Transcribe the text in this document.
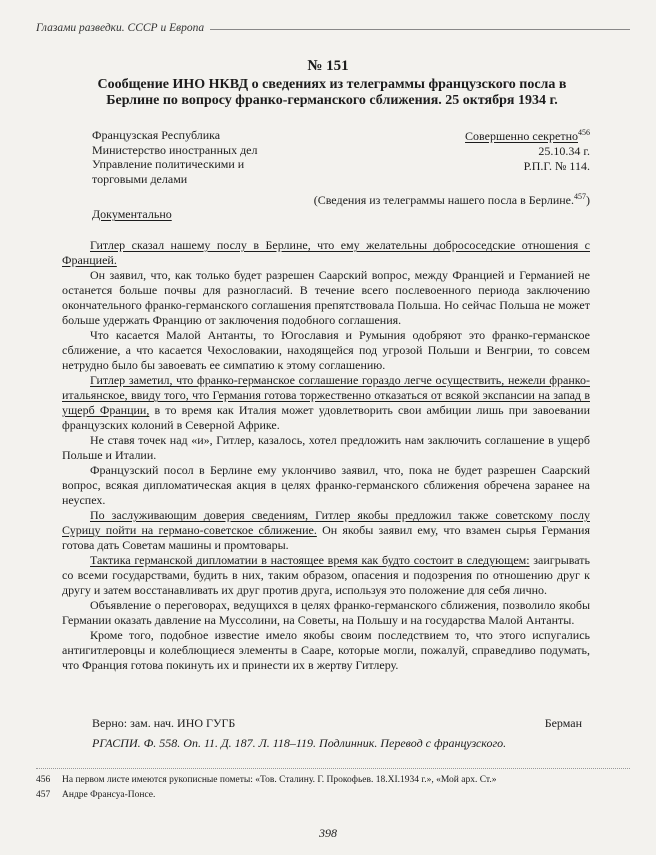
Глазами разведки. СССР и Европа
№ 151
Сообщение ИНО НКВД о сведениях из телеграммы французского посла в Берлине по вопросу франко-германского сближения. 25 октября 1934 г.
Французская Республика
Министерство иностранных дел
Управление политическими и
торговыми делами
Совершенно секретно$^{456}$
25.10.34 г.
Р.П.Г. № 114.
(Сведения из телеграммы нашего посла в Берлине.$^{457}$)
Документально

Гитлер сказал нашему послу в Берлине, что ему желательны добрососедские отношения с Францией.

Он заявил, что, как только будет разрешен Саарский вопрос, между Францией и Германией не останется больше почвы для разногласий. В течение всего послевоенного периода заключению окончательного франко-германского соглашения препятствовала Польша. Но сейчас Польша не может больше удержать Францию от заключения подобного соглашения.

Что касается Малой Антанты, то Югославия и Румыния одобряют это франко-германское сближение, а что касается Чехословакии, находящейся под угрозой Польши и Венгрии, то совсем нетрудно было бы завоевать ее симпатию к этому соглашению.

Гитлер заметил, что франко-германское соглашение гораздо легче осуществить, нежели франко-итальянское, ввиду того, что Германия готова торжественно отказаться от всякой экспансии на запад в ущерб Франции, в то время как Италия может удовлетворить свои амбиции лишь при завоевании французских колоний в Северной Африке.

Не ставя точек над «и», Гитлер, казалось, хотел предложить нам заключить соглашение в ущерб Польше и Италии.

Французский посол в Берлине ему уклончиво заявил, что, пока не будет разрешен Саарский вопрос, всякая дипломатическая акция в целях франко-германского сближения обречена заранее на неуспех.

По заслуживающим доверия сведениям, Гитлер якобы предложил также советскому послу Сурицу пойти на германо-советское сближение. Он якобы заявил ему, что взамен сырья Германия готова дать Советам машины и промтовары.

Тактика германской дипломатии в настоящее время как будто состоит в следующем: заигрывать со всеми государствами, будить в них, таким образом, опасения и подозрения по отношению друг к другу и затем восстанавливать их друг против друга, используя это положение для себя лично.

Объявление о переговорах, ведущихся в целях франко-германского сближения, позволило якобы Германии оказать давление на Муссолини, на Советы, на Польшу и на государства Малой Антанты.

Кроме того, подобное известие имело якобы своим последствием то, что этого испугались антигитлеровцы и колеблющиеся элементы в Сааре, которые могли, пожалуй, справедливо подумать, что Франция готова покинуть их и принести их в жертву Гитлеру.

Верно: зам. нач. ИНО ГУГБ	Берман
РГАСПИ. Ф. 558. Оп. 11. Д. 187. Л. 118–119. Подлинник. Перевод с французского.
456	На первом листе имеются рукописные пометы: «Тов. Сталину. Г. Прокофьев. 18.XI.1934 г.», «Мой арх. Ст.»
457	Андре Франсуа-Понсе.
398
